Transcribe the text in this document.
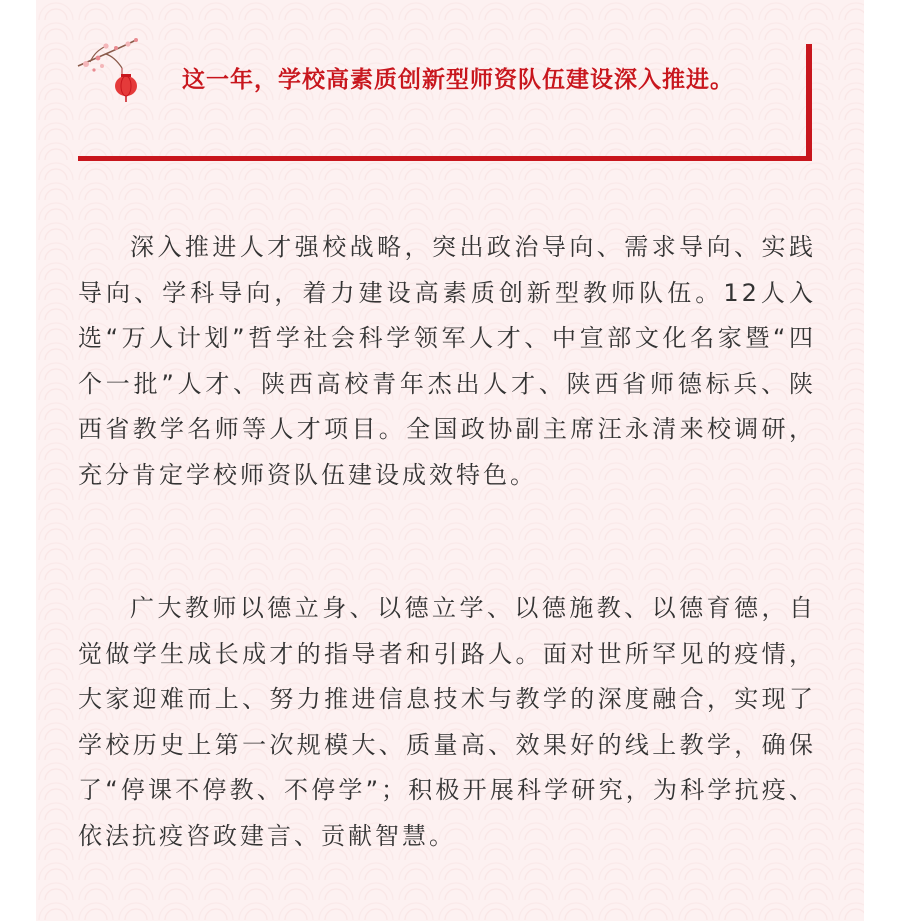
这一年，学校高素质创新型师资队伍建设深入推进。

深入推进人才强校战略，突出政治导向、需求导向、实践导向、学科导向，着力建设高素质创新型教师队伍。12人入选“万人计划”哲学社会科学领军人才、中宣部文化名家暨“四个一批”人才、陕西高校青年杰出人才、陕西省师德标兵、陕西省教学名师等人才项目。全国政协副主席汪永清来校调研，充分肯定学校师资队伍建设成效特色。

广大教师以德立身、以德立学、以德施教、以德育德，自觉做学生成长成才的指导者和引路人。面对世所罕见的疫情，大家迎难而上、努力推进信息技术与教学的深度融合，实现了学校历史上第一次规模大、质量高、效果好的线上教学，确保了“停课不停教、不停学”；积极开展科学研究，为科学抗疫、依法抗疫咨政建言、贡献智慧。
